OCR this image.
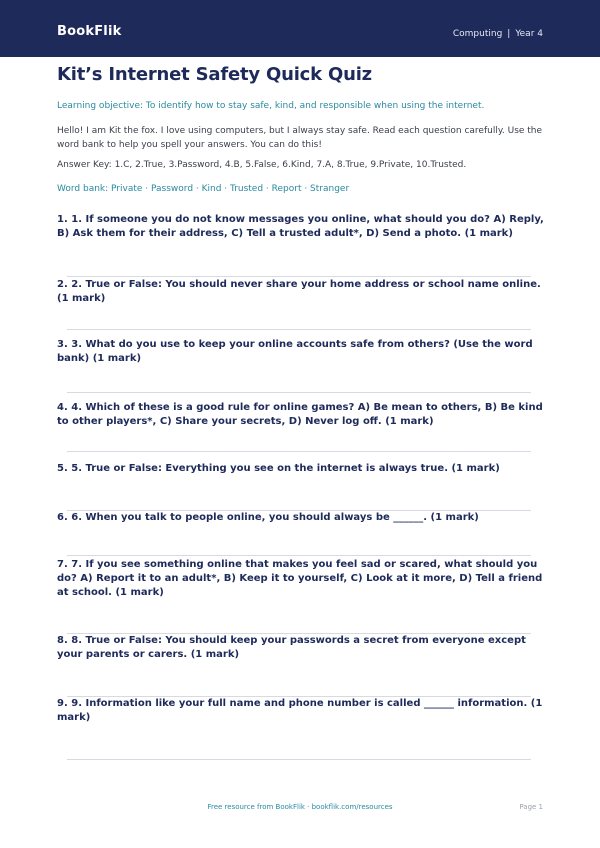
BookFlik	Computing | Year 4
Kit’s Internet Safety Quick Quiz

Learning objective: To identify how to stay safe, kind, and responsible when using the internet.

Hello! I am Kit the fox. I love using computers, but I always stay safe. Read each question carefully. Use the word bank to help you spell your answers. You can do this!

Answer Key: 1.C, 2.True, 3.Password, 4.B, 5.False, 6.Kind, 7.A, 8.True, 9.Private, 10.Trusted.

Word bank: Private · Password · Kind · Trusted · Report · Stranger

1. 1. If someone you do not know messages you online, what should you do? A) Reply, B) Ask them for their address, C) Tell a trusted adult*, D) Send a photo. (1 mark)
2. 2. True or False: You should never share your home address or school name online. (1 mark)
3. 3. What do you use to keep your online accounts safe from others? (Use the word bank) (1 mark)
4. 4. Which of these is a good rule for online games? A) Be mean to others, B) Be kind to other players*, C) Share your secrets, D) Never log off. (1 mark)
5. 5. True or False: Everything you see on the internet is always true. (1 mark)
6. 6. When you talk to people online, you should always be ______. (1 mark)
7. 7. If you see something online that makes you feel sad or scared, what should you do? A) Report it to an adult*, B) Keep it to yourself, C) Look at it more, D) Tell a friend at school. (1 mark)
8. 8. True or False: You should keep your passwords a secret from everyone except your parents or carers. (1 mark)
9. 9. Information like your full name and phone number is called ______ information. (1 mark)
Free resource from BookFlik · bookflik.com/resources	Page 1
